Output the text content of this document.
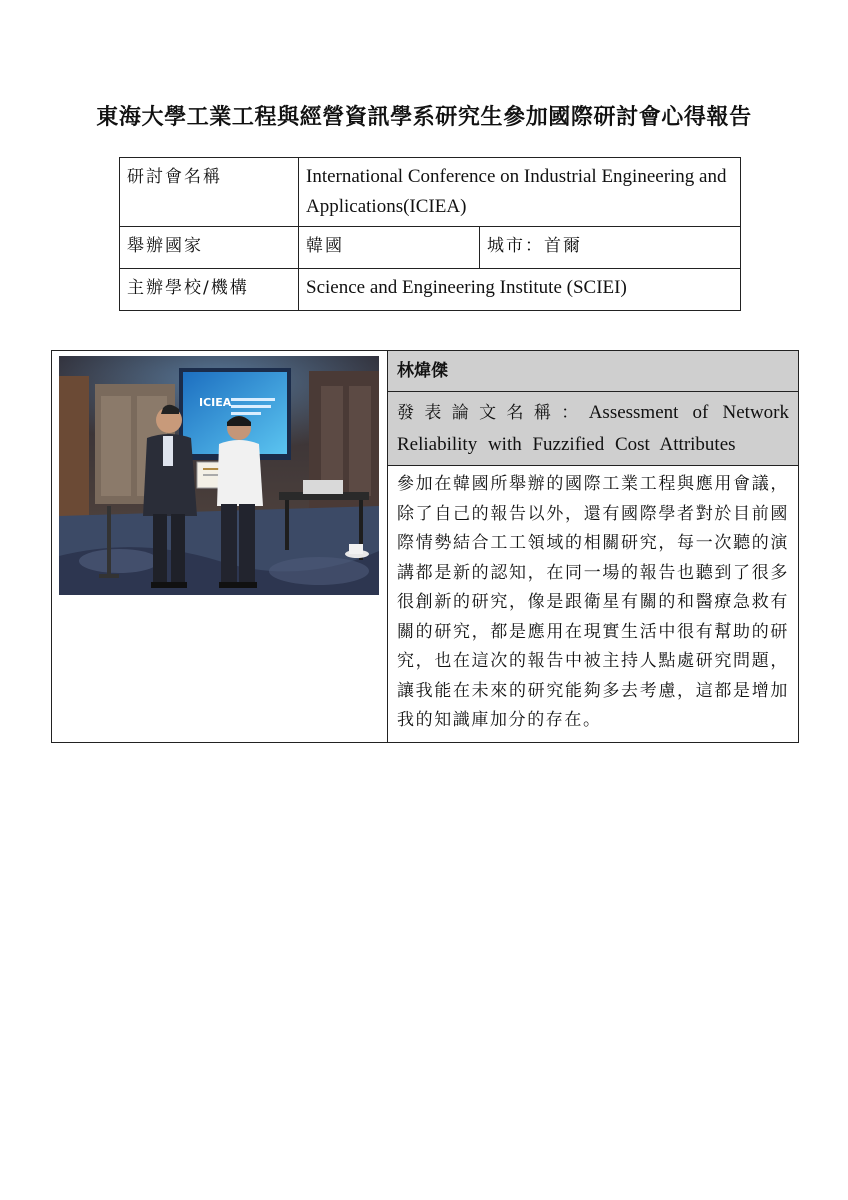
東海大學工業工程與經營資訊學系研究生參加國際研討會心得報告
研討會名稱	International Conference on Industrial Engineering and Applications(ICIEA)	
舉辦國家	韓國	城市：首爾
主辦學校/機構	Science and Engineering Institute (SCIEI)	
ICIEA
	林煒傑
發表論文名稱：Assessment of Network Reliability with Fuzzified Cost Attributes
參加在韓國所舉辦的國際工業工程與應用會議，除了自己的報告以外，還有國際學者對於目前國際情勢結合工工領域的相關研究，每一次聽的演講都是新的認知，在同一場的報告也聽到了很多很創新的研究，像是跟衛星有關的和醫療急救有關的研究，都是應用在現實生活中很有幫助的研究，也在這次的報告中被主持人點處研究問題，讓我能在未來的研究能夠多去考慮，這都是增加我的知識庫加分的存在。
